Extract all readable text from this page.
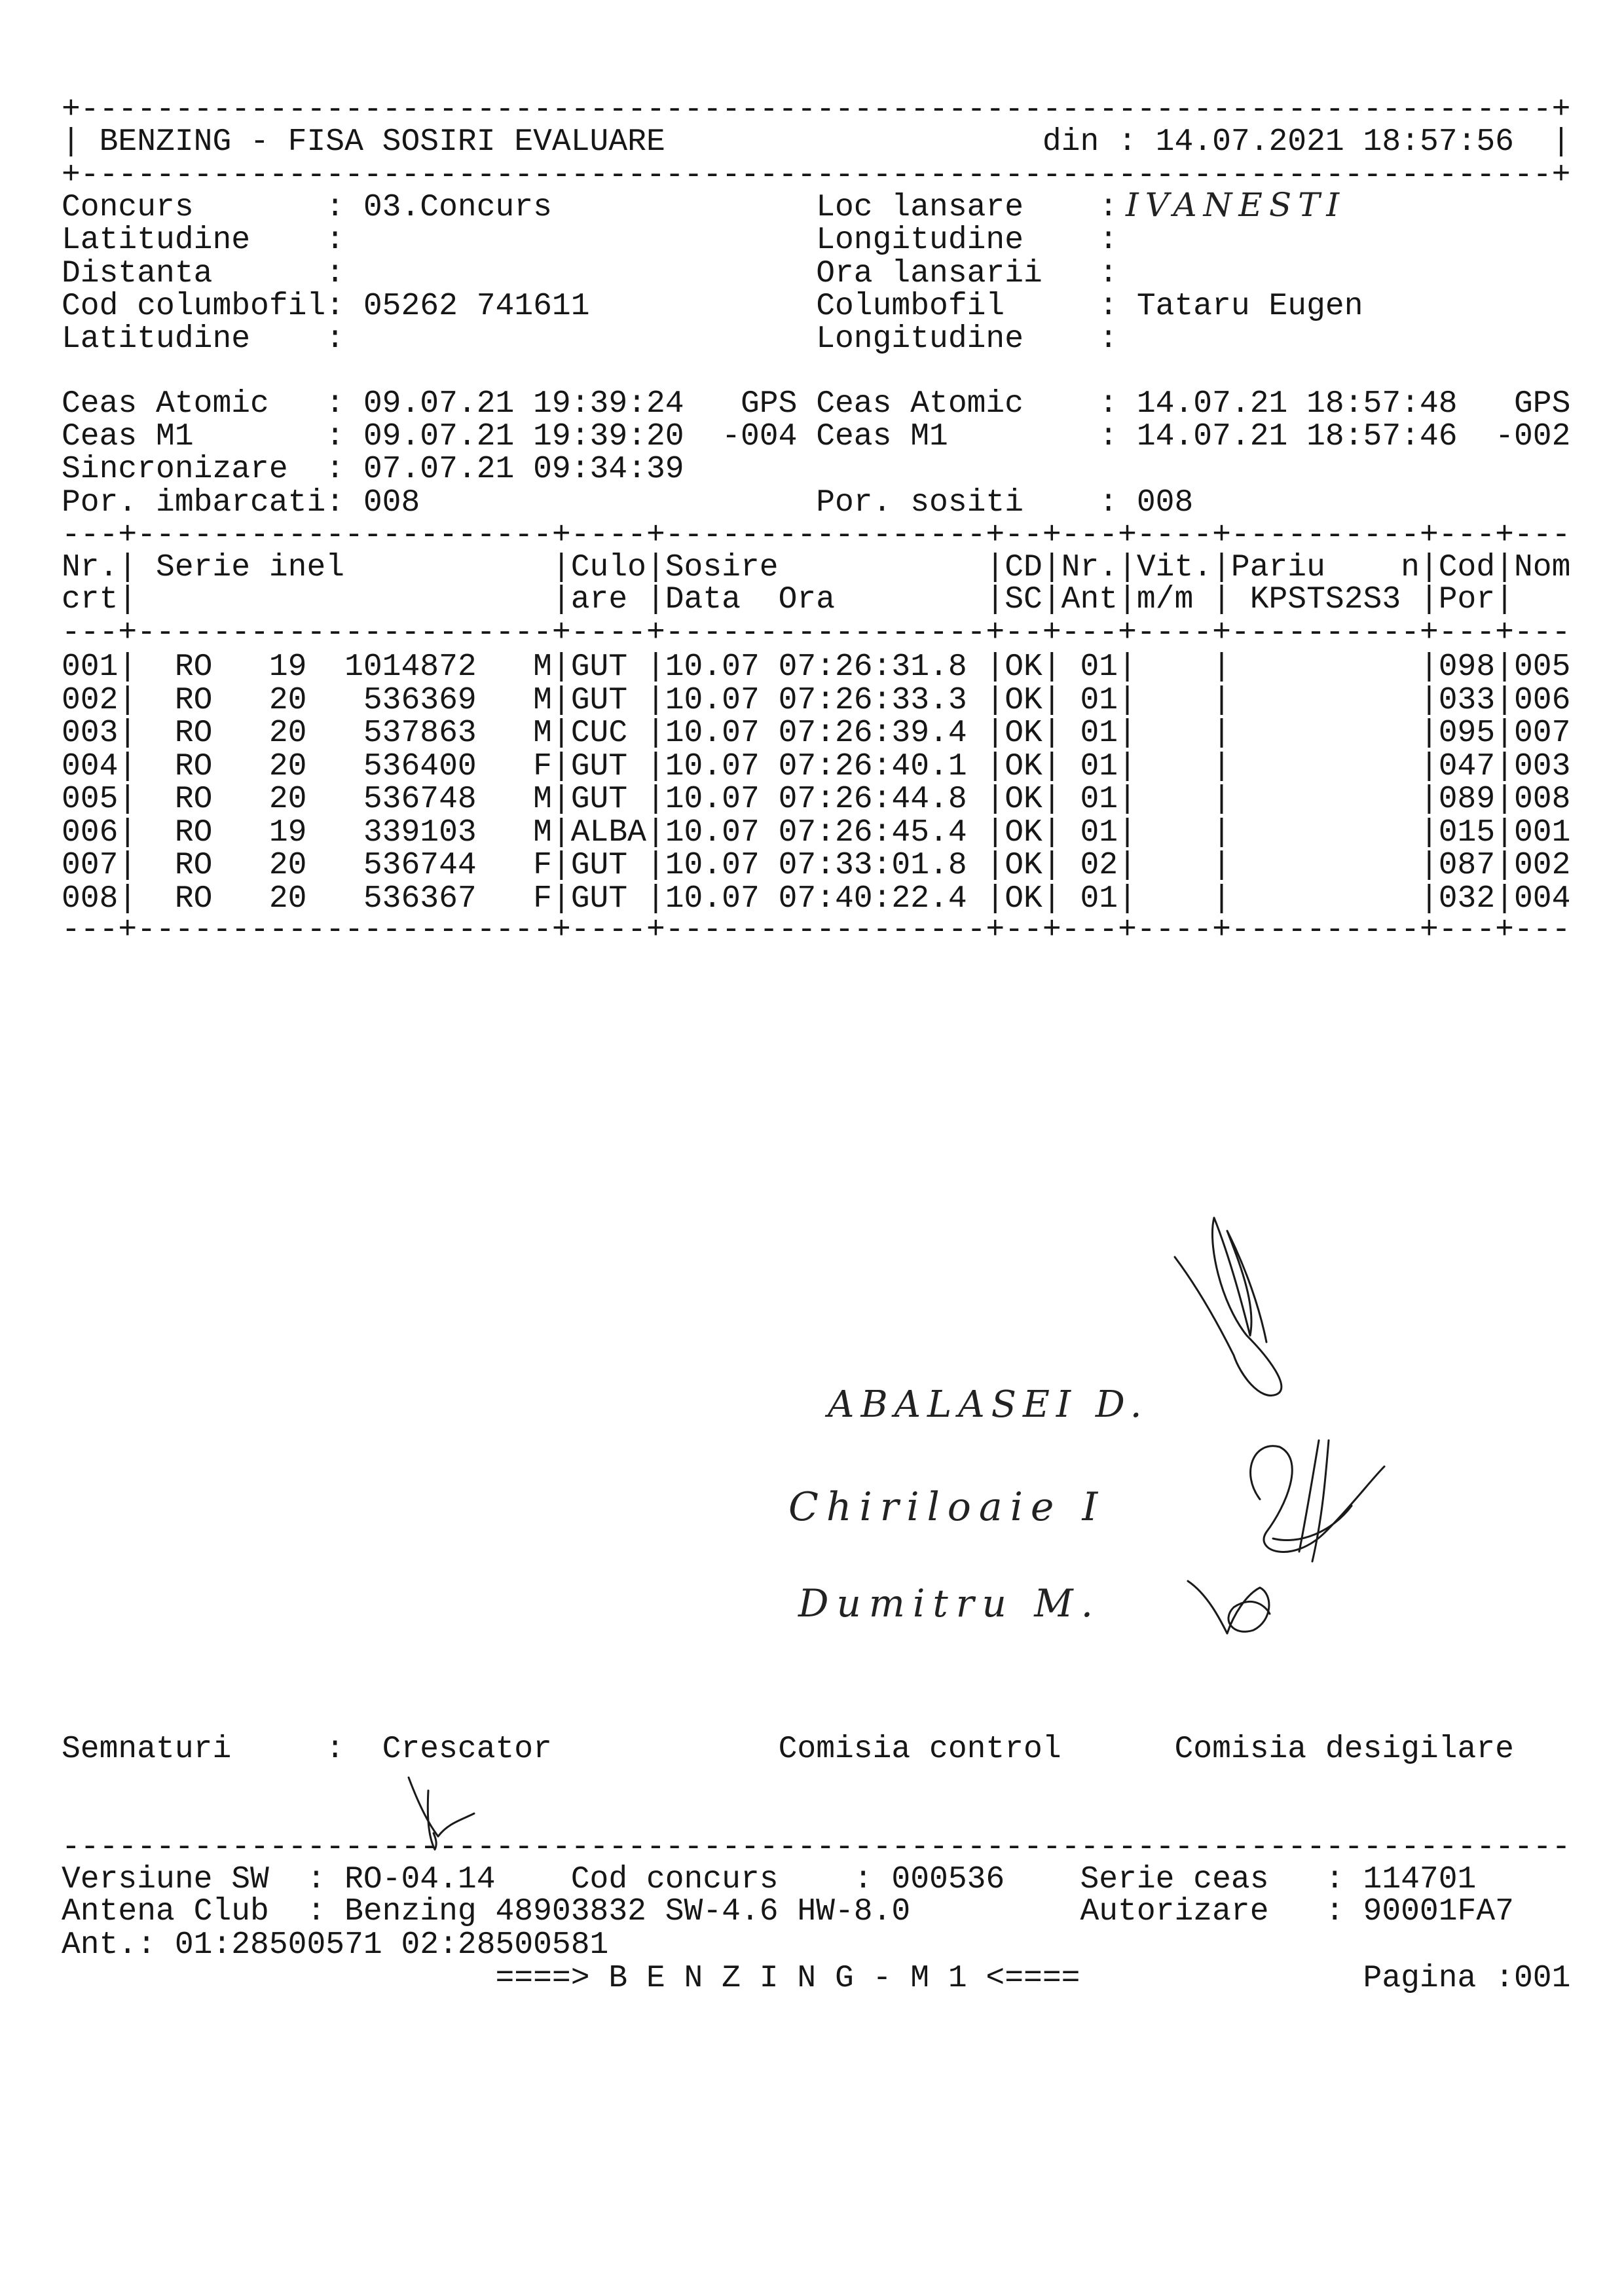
+------------------------------------------------------------------------------+
| BENZING - FISA SOSIRI EVALUARE	din : 14.07.2021 18:57:56 |
+------------------------------------------------------------------------------+
Concurs	: 03.Concurs
Latitudine :
Distanta	:
Cod columbofil : 05262 741611
Latitudine :
Loc lansare : IVANESTI
Longitudine :
Ora lansarii :
Columbofil	: Tataru Eugen
Longitudine :
Ceas Atomic : 09.07.21 19:39:24 GPS Ceas Atomic : 14.07.21 18:57:48 GPS
Ceas M1	: 09.07.21 19:39:20 -004 Ceas M1	: 14.07.21 18:57:46 -002
Sincronizare : 07.07.21 09:34:39
Por. imbarcati : 008	Por. sositi : 008
---+----------------------+----+-----------------+--+---+----+----------+---+---
---+----------------------+----+-----------------+--+---+----+----------+---+---
|	| |	| | | |	| |
|	| |	| | | |	| |
Nr. Serie inel	Culo Sosire	CD Nr. Vit. Pariu    n Cod Nom
crt	are Data  Ora	SC Ant m/m KPSTS2S3 Por
|	| |	| | | |	| |
001 RO 19 1014872 M GUT 10.07 07:26:31.8 OK 01	098 005
|	| |	| | | |	| |
002 RO 20	536369 M GUT 10.07 07:26:33.3 OK 01	033 006
|	| |	| | | |	| |
003 RO 20	537863 M CUC 10.07 07:26:39.4 OK 01	095 007
|	| |	| | | |	| |
004 RO 20	536400 F GUT 10.07 07:26:40.1 OK 01	047 003
|	| |	| | | |	| |
005 RO 20	536748 M GUT 10.07 07:26:44.8 OK 01	089 008
|	| |	| | | |	| |
006 RO 19	339103 M ALBA 10.07 07:26:45.4 OK 01	015 001
|	| |	| | | |	| |
007 RO 20	536744 F GUT 10.07 07:33:01.8 OK 02	087 002
|	| |	| | | |	| |
008 RO 20	536367 F GUT 10.07 07:40:22.4 OK 01	032 004
---+----------------------+----+-----------------+--+---+----+----------+---+---
ABALASEI D.
Chiriloaie I
Dumitru M.
Semnaturi	: Crescator	Comisia control	Comisia desigilare
--------------------------------------------------------------------------------
Versiune SW : RO-04.14 Cod concurs : 000536 Serie ceas : 114701
Antena Club : Benzing 48903832 SW-4.6 HW-8.0	Autorizare : 90001FA7
Ant.: 01:28500571 02:28500581
====> B E N Z I N G - M 1 <====	Pagina :001
